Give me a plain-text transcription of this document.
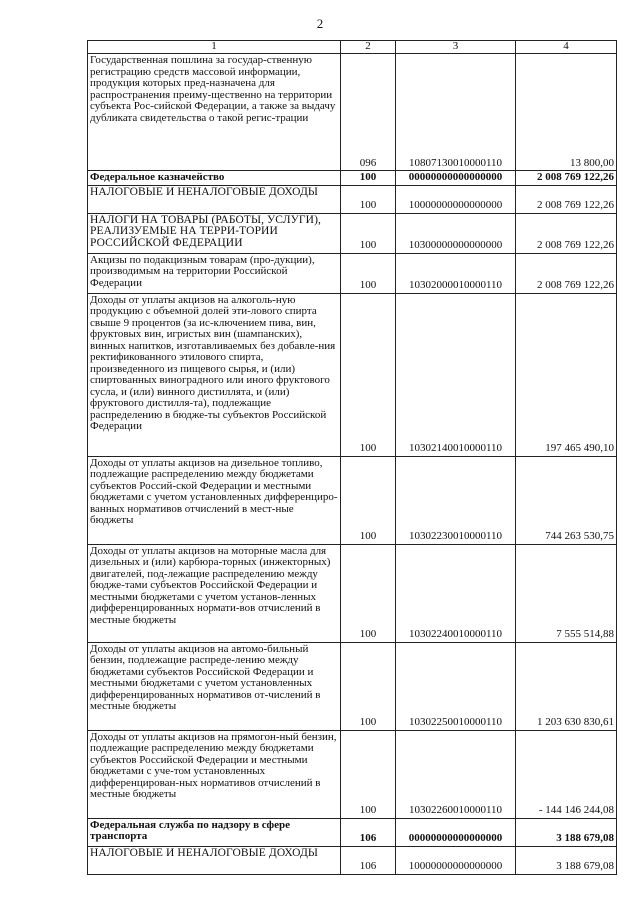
2
1	2	3	4
Государственная пошлина за государ-ственную регистрацию средств массовой информации, продукция которых пред-назначена для распространения преиму-щественно на территории субъекта Рос-сийской Федерации, а также за выдачу дубликата свидетельства о такой регис-трации	096	10807130010000110	13 800,00
Федеральное казначейство	100	00000000000000000	2 008 769 122,26
НАЛОГОВЫЕ И НЕНАЛОГОВЫЕ ДОХОДЫ	100	10000000000000000	2 008 769 122,26
НАЛОГИ НА ТОВАРЫ (РАБОТЫ, УСЛУГИ), РЕАЛИЗУЕМЫЕ НА ТЕРРИ-ТОРИИ РОССИЙСКОЙ ФЕДЕРАЦИИ	100	10300000000000000	2 008 769 122,26
Акцизы по подакцизным товарам (про-дукции), производимым на территории Российской Федерации	100	10302000010000110	2 008 769 122,26
Доходы от уплаты акцизов на алкоголь-ную продукцию с объемной долей эти-лового спирта свыше 9 процентов (за ис-ключением пива, вин, фруктовых вин, игристых вин (шампанских), винных напитков, изготавливаемых без добавле-ния ректификованного этилового спирта, произведенного из пищевого сырья, и (или) спиртованных виноградного или иного фруктового сусла, и (или) винного дистиллята, и (или) фруктового дистилля-та), подлежащие распределению в бюдже-ты субъектов Российской Федерации	100	10302140010000110	197 465 490,10
Доходы от уплаты акцизов на дизельное топливо, подлежащие распределению между бюджетами субъектов Россий-ской Федерации и местными бюджетами с учетом установленных дифференциро-ванных нормативов отчислений в мест-ные бюджеты	100	10302230010000110	744 263 530,75
Доходы от уплаты акцизов на моторные масла для дизельных и (или) карбюра-торных (инжекторных) двигателей, под-лежащие распределению между бюдже-тами субъектов Российской Федерации и местными бюджетами с учетом установ-ленных дифференцированных нормати-вов отчислений в местные бюджеты	100	10302240010000110	7 555 514,88
Доходы от уплаты акцизов на автомо-бильный бензин, подлежащие распреде-лению между бюджетами субъектов Российской Федерации и местными бюджетами с учетом установленных дифференцированных нормативов от-числений в местные бюджеты	100	10302250010000110	1 203 630 830,61
Доходы от уплаты акцизов на прямогон-ный бензин, подлежащие распределению между бюджетами субъектов Российской Федерации и местными бюджетами с уче-том установленных дифференцирован-ных нормативов отчислений в местные бюджеты	100	10302260010000110	- 144 146 244,08
Федеральная служба по надзору в сфере транспорта	106	00000000000000000	3 188 679,08
НАЛОГОВЫЕ И НЕНАЛОГОВЫЕ ДОХОДЫ	106	10000000000000000	3 188 679,08
